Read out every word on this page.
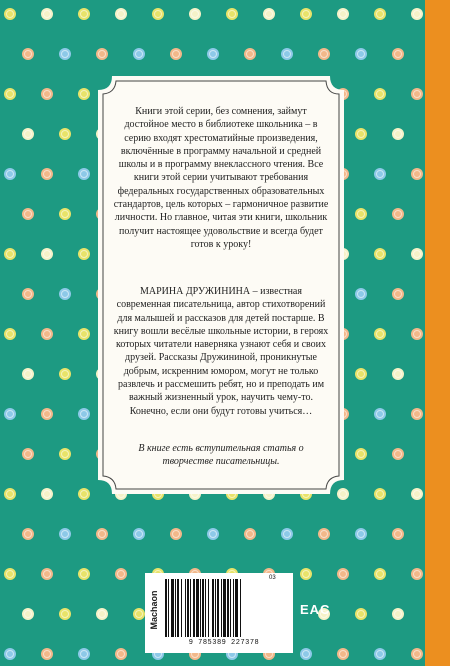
Книги этой серии, без сомнения, займут достойное место в библиотеке школьника – в серию входят хрестоматийные произведения, включённые в программу начальной и средней школы и в программу внеклассного чтения. Все книги этой серии учитывают требования федеральных государственных образовательных стандартов, цель которых – гармоничное развитие личности. Но главное, читая эти книги, школьник получит настоящее удовольствие и всегда будет готов к уроку!
МАРИНА ДРУЖИНИНА – известная современная писательница, автор стихотворений для малышей и рассказов для детей постарше. В книгу вошли весёлые школьные истории, в героях которых читатели наверняка узнают себя и своих друзей. Рассказы Дружининой, проникнутые добрым, искренним юмором, могут не только развлечь и рассмешить ребят, но и преподать им важный жизненный урок, научить чему-то. Конечно, если они будут готовы учиться…
В книге есть вступительная статья о творчестве писательницы.
Machaon
03
9 785389 227378
EAC
